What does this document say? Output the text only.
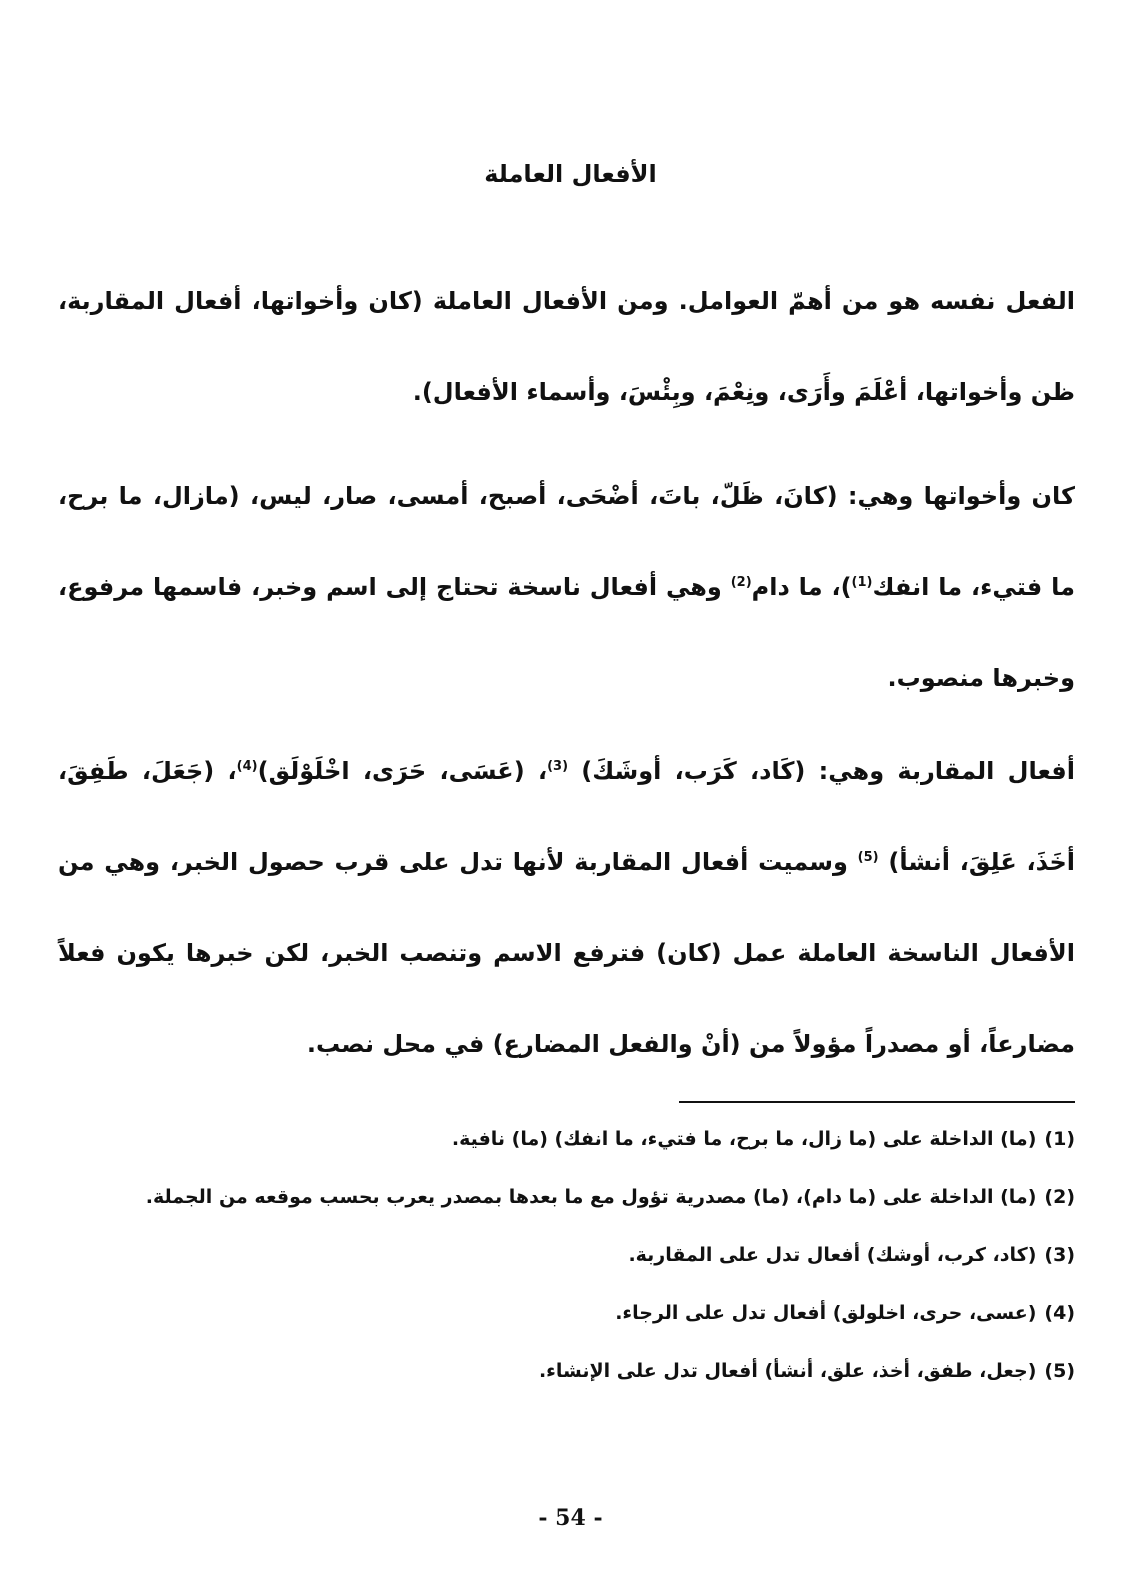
الأفعال العاملة
الفعل نفسه هو من أهمّ العوامل. ومن الأفعال العاملة (كان وأخواتها، أفعال المقاربة، ظن وأخواتها، أعْلَمَ وأَرَى، ونِعْمَ، وبِئْسَ، وأسماء الأفعال).
كان وأخواتها وهي: (كانَ، ظَلّ، باتَ، أضْحَى، أصبح، أمسى، صار، ليس، (مازال، ما برح، ما فتيء، ما انفك$^{(1)}$)، ما دام$^{(2)}$ وهي أفعال ناسخة تحتاج إلى اسم وخبر، فاسمها مرفوع، وخبرها منصوب.
أفعال المقاربة وهي: (كَاد، كَرَب، أوشَكَ) $^{(3)}$، (عَسَى، حَرَى، اخْلَوْلَق)$^{(4)}$، (جَعَلَ، طَفِقَ، أخَذَ، عَلِقَ، أنشأ) $^{(5)}$ وسميت أفعال المقاربة لأنها تدل على قرب حصول الخبر، وهي من الأفعال الناسخة العاملة عمل (كان) فترفع الاسم وتنصب الخبر، لكن خبرها يكون فعلاً مضارعاً، أو مصدراً مؤولاً من (أنْ والفعل المضارع) في محل نصب.
(1)(ما) الداخلة على (ما زال، ما برح، ما فتيء، ما انفك) (ما) نافية.
(2)(ما) الداخلة على (ما دام)، (ما) مصدرية تؤول مع ما بعدها بمصدر يعرب بحسب موقعه من الجملة.
(3)(كاد، كرب، أوشك) أفعال تدل على المقاربة.
(4)(عسى، حرى، اخلولق) أفعال تدل على الرجاء.
(5)(جعل، طفق، أخذ، علق، أنشأ) أفعال تدل على الإنشاء.
- 54 -
